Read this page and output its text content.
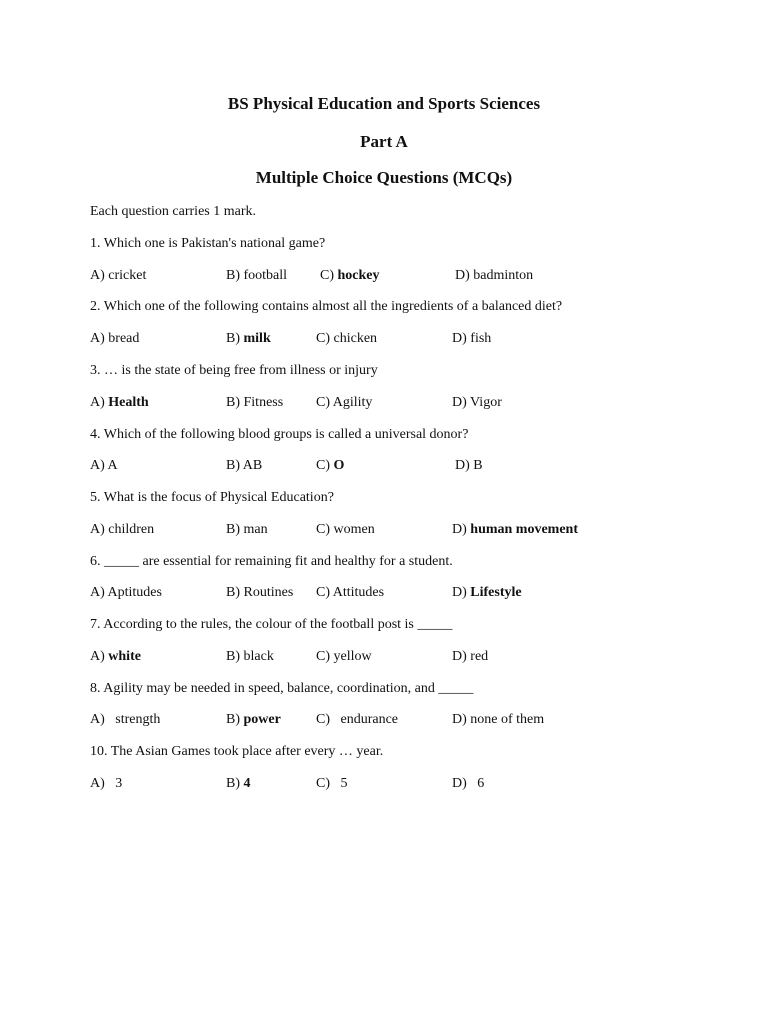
BS Physical Education and Sports Sciences
Part A
Multiple Choice Questions (MCQs)

Each question carries 1 mark.

1. Which one is Pakistan's national game?

A) cricket	B) football C) hockey	D) badminton

2. Which one of the following contains almost all the ingredients of a balanced diet?

A) bread	B) milk	C) chicken	D) fish

3. … is the state of being free from illness or injury

A) Health	B) Fitness C) Agility	D) Vigor

4. Which of the following blood groups is called a universal donor?

A) A	B) AB	C) O	D) B

5. What is the focus of Physical Education?

A) children	B) man	C) women	D) human movement

6. _____ are essential for remaining fit and healthy for a student.

A) Aptitudes	B) Routines C) Attitudes	D) Lifestyle

7. According to the rules, the colour of the football post is _____

A) white	B) black	C) yellow	D) red

8. Agility may be needed in speed, balance, coordination, and _____

A) strength	B) power	C) endurance	D) none of them

10. The Asian Games took place after every … year.

A) 3	B) 4	C) 5	D) 6
